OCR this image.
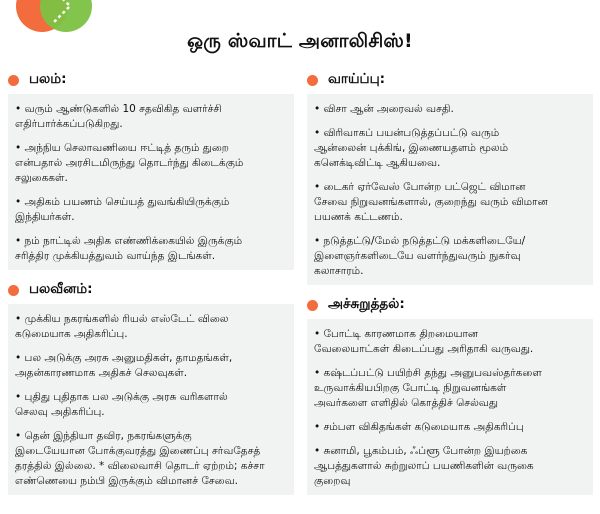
ஒரு ஸ்வாட் அனாலிசிஸ்!
பலம்:
• வரும் ஆண்டுகளில் 10 சதவிகித வளர்ச்சி
எதிர்பார்க்கப்படுகிறது.
• அந்நிய செலாவணியை ஈட்டித் தரும் துறை
என்பதால் அரசிடமிருந்து தொடர்ந்து கிடைக்கும்
சலுகைகள்.
• அதிகம் பயணம் செய்யத் துவங்கியிருக்கும்
இந்தியர்கள்.
• நம் நாட்டில் அதிக எண்ணிக்கையில் இருக்கும்
சரித்திர முக்கியத்துவம் வாய்ந்த இடங்கள்.
பலவீனம்:
• முக்கிய நகரங்களில் ரியல் எஸ்டேட் விலை
கடுமையாக அதிகரிப்பு.
• பல அடுக்கு அரசு அனுமதிகள், தாமதங்கள்,
அதன்காரணமாக அதிகச் செலவுகள்.
• புதிது புதிதாக பல அடுக்கு அரசு வரிகளால்
செலவு அதிகரிப்பு.
• தென் இந்தியா தவிர, நகரங்களுக்கு
இடையேயான போக்குவரத்து இணைப்பு சர்வதேசத்
தரத்தில் இல்லை. * விலைவாசி தொடர் ஏற்றம்; கச்சா
எண்ணெயை நம்பி இருக்கும் விமானச் சேவை.
வாய்ப்பு:
• விசா ஆன் அரைவல் வசதி.
• விரிவாகப் பயன்படுத்தப்பட்டு வரும்
ஆன்லைன் புக்கிங், இணையதளம் மூலம்
கனெக்டிவிட்டி ஆகியவை.
• டைகர் ஏர்வேஸ் போன்ற பட்ஜெட் விமான
சேவை நிறுவனங்களால், குறைந்து வரும் விமான
பயணக் கட்டணம்.
• நடுத்தட்டு/மேல் நடுத்தட்டு மக்களிடையே/
இளைஞர்களிடையே வளர்ந்துவரும் நுகர்வு
கலாசாரம்.
அச்சுறுத்தல்:
• போட்டி காரணமாக திறமையான
வேலையாட்கள் கிடைப்பது அரிதாகி வருவது.
• கஷ்டப்பட்டு பயிற்சி தந்து அனுபவஸ்தர்களை
உருவாக்கியபிறகு போட்டி நிறுவனங்கள்
அவர்களை எளிதில் கொத்திச் செல்வது
• சம்பள விகிதங்கள் கடுமையாக அதிகரிப்பு
• சுனாமி, பூகம்பம், ஃப்ளூ போன்ற இயற்கை
ஆபத்துகளால் சுற்றுலாப் பயணிகளின் வருகை
குறைவு
